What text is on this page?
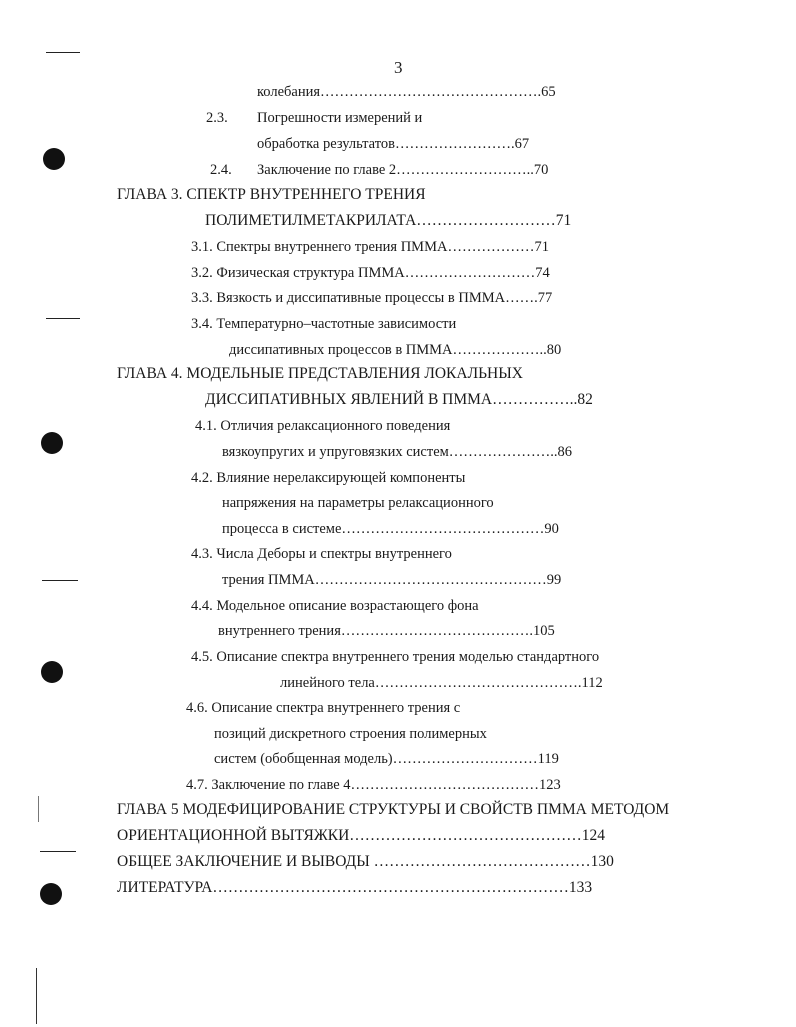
3
колебания……………………………………….65
2.3. Погрешности измерений и
обработка результатов…………………….67
2.4. Заключение по главе 2………………………..70
ГЛАВА 3. СПЕКТР ВНУТРЕННЕГО ТРЕНИЯ
ПОЛИМЕТИЛМЕТАКРИЛАТА………………………71
3.1. Спектры внутреннего трения ПММА………………71
3.2. Физическая структура ПММА………………………74
3.3. Вязкость и диссипативные процессы в ПММА…….77
3.4. Температурно–частотные зависимости
диссипативных процессов в ПММА………………..80
ГЛАВА 4. МОДЕЛЬНЫЕ ПРЕДСТАВЛЕНИЯ ЛОКАЛЬНЫХ
ДИССИПАТИВНЫХ ЯВЛЕНИЙ В ПММА……………..82
4.1. Отличия релаксационного поведения
вязкоупругих и упруговязких систем…………………..86
4.2. Влияние нерелаксирующей компоненты
напряжения на параметры релаксационного
процесса в системе……………………………………90
4.3. Числа Деборы и спектры внутреннего
трения ПММА…………………………………………99
4.4. Модельное описание возрастающего фона
внутреннего трения………………………………….105
4.5. Описание спектра внутреннего трения моделью стандартного
линейного тела…………………………………….112
4.6. Описание спектра внутреннего трения с
позиций дискретного строения полимерных
систем (обобщенная модель)…………………………119
4.7. Заключение по главе 4…………………………………123
ГЛАВА 5 МОДЕФИЦИРОВАНИЕ СТРУКТУРЫ И СВОЙСТВ ПММА МЕТОДОМ
ОРИЕНТАЦИОННОЙ ВЫТЯЖКИ………………………………………124
ОБЩЕЕ ЗАКЛЮЧЕНИЕ И ВЫВОДЫ ……………………………………130
ЛИТЕРАТУРА……………………………………………………………133
